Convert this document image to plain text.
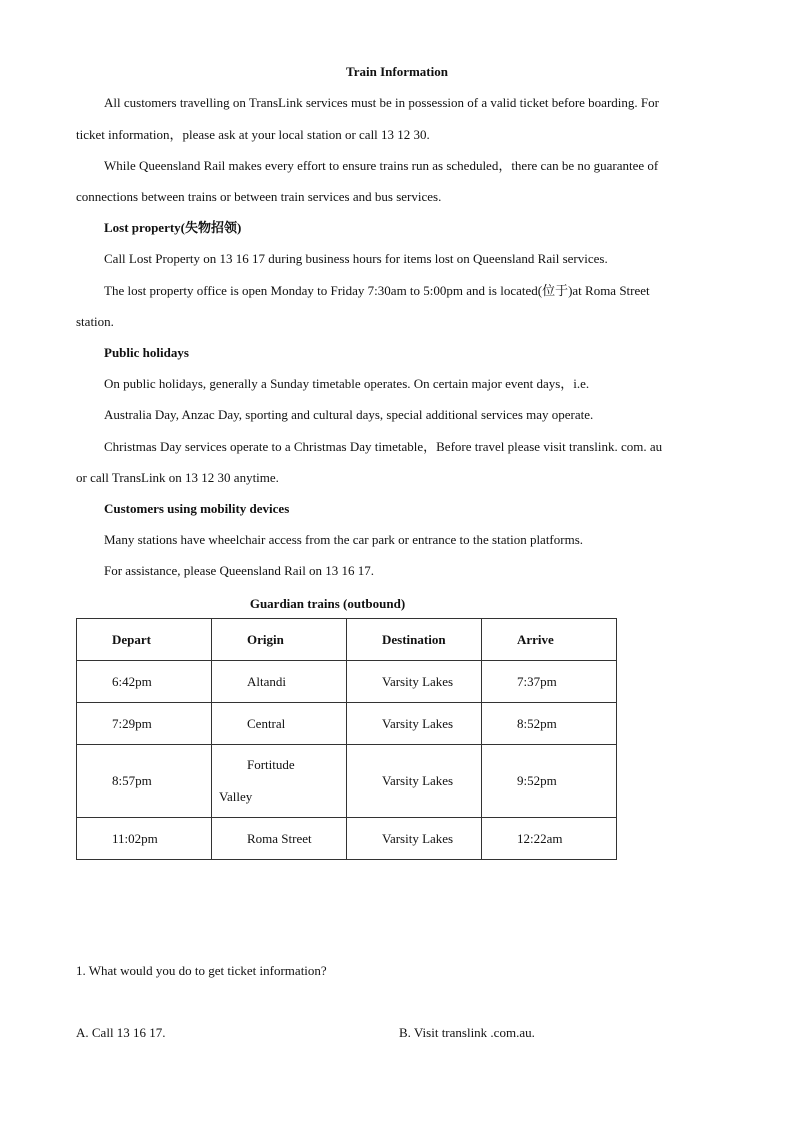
Train Information
All customers travelling on TransLink services must be in possession of a valid ticket before boarding. For
ticket information，please ask at your local station or call 13 12 30.
While Queensland Rail makes every effort to ensure trains run as scheduled，there can be no guarantee of
connections between trains or between train services and bus services.
Lost property(失物招领)
Call Lost Property on 13 16 17 during business hours for items lost on Queensland Rail services.
The lost property office is open Monday to Friday 7:30am to 5:00pm and is located(位于)at Roma Street
station.
Public holidays
On public holidays, generally a Sunday timetable operates. On certain major event days，i.e.
Australia Day, Anzac Day, sporting and cultural days, special additional services may operate.
Christmas Day services operate to a Christmas Day timetable，Before travel please visit translink. com. au
or call TransLink on 13 12 30 anytime.
Customers using mobility devices
Many stations have wheelchair access from the car park or entrance to the station platforms.
For assistance, please Queensland Rail on 13 16 17.
Guardian trains (outbound)
Depart	Origin	Destination	Arrive
6:42pm	Altandi	Varsity Lakes	7:37pm
7:29pm	Central	Varsity Lakes	8:52pm
8:57pm	Fortitude
Valley	Varsity Lakes	9:52pm
11:02pm	Roma Street	Varsity Lakes	12:22am
1. What would you do to get ticket information?
A. Call 13 16 17.	B. Visit translink .com.au.
